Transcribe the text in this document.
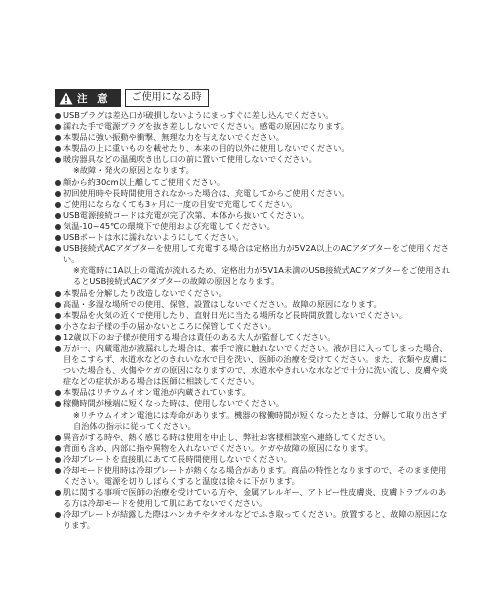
注 意	ご使用になる時
USBプラグは差込口が破損しないようにまっすぐに差し込んでください。
濡れた手で電源プラグを抜き差ししないでください。感電の原因になります。
本製品に強い振動や衝撃、無理な力を与えないでください。
本製品の上に重いものを載せたり、本来の目的以外に使用しないでください。
暖房器具などの温風吹き出し口の前に置いて使用しないでください。
※故障・発火の原因となります。
顔から約30cm以上離してご使用ください。
初回使用時や長時間使用されなかった場合は、充電してからご使用ください。
ご使用にならなくても3ヶ月に一度の目安で充電してください。
USB電源接続コードは充電が完了次第、本体から抜いてください。
気温-10~45℃の環境下で使用および充電してください。
USBポートは水に濡れないようにしてください。
USB接続式ACアダプターを使用して充電する場合は定格出力が5V2A以上のACアダプターをご使用ください。
※充電時に1A以上の電流が流れるため、定格出力が5V1A未満のUSB接続式ACアダプターをご使用されるとUSB接続式ACアダプターの故障の原因となります。
本製品を分解したり改造しないでください。
高温・多湿な場所での使用、保管、設置はしないでください。故障の原因になります。
本製品を火気の近くで使用したり、直射日光に当たる場所など長時間放置しないでください。
小さなお子様の手の届かないところに保管してください。
12歳以下のお子様が使用する場合は責任のある大人が監督してください。
万が一、内蔵電池が液漏れした場合は、素手で液に触れないでください。液が目に入ってしまった場合、目をこすらず、水道水などのきれいな水で目を洗い、医師の治療を受けてください。また、衣類や皮膚についた場合も、火傷やケガの原因になりますので、水道水やきれいな水などで十分に洗い流し、皮膚や炎症などの症状がある場合は医師に相談してください。
本製品はリチウムイオン電池が内蔵されています。
稼働時間が極端に短くなった時は、使用しないでください。
※リチウムイオン電池には寿命があります。機器の稼働時間が短くなったときは、分解して取り出さず自治体の指示に従ってください。
異音がする時や、熱く感じる時は使用を中止し、弊社お客様相談室へ連絡してください。
背面も含め、内部に指や異物を入れないでください。ケガや故障の原因になります。
冷却プレートを直接肌にあてて長時間使用しないでください。
冷却モード使用時は冷却プレートが熱くなる場合があります。商品の特性となりますので、そのまま使用ください。電源を切りしばらくすると温度は徐々に下がります。
肌に関する事項で医師の治療を受けている方や、金属アレルギー、アトピー性皮膚炎、皮膚トラブルのある方は冷却モードを使用して肌にあてないでください。
冷却プレートが結露した際はハンカチやタオルなどでふき取ってください。放置すると、故障の原因になります。
